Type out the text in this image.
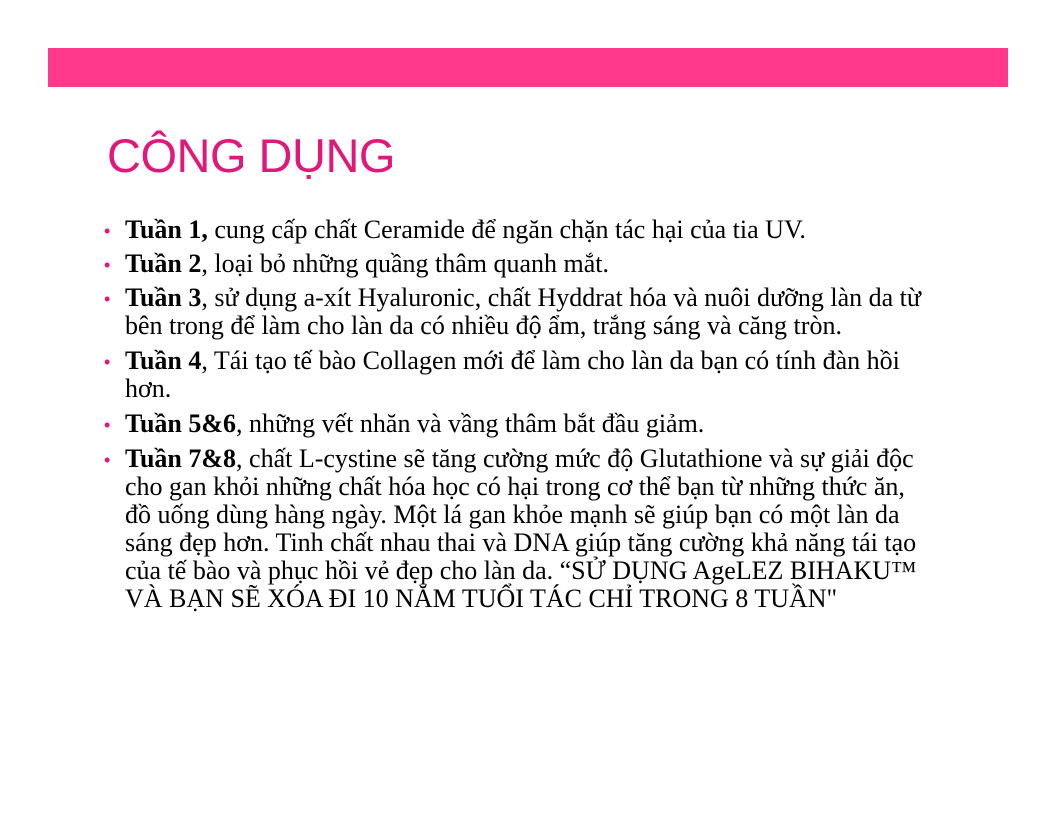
CÔNG DỤNG
• Tuần 1, cung cấp chất Ceramide để ngăn chặn tác hại của tia UV.
• Tuần 2, loại bỏ những quầng thâm quanh mắt.
• Tuần 3, sử dụng a-xít Hyaluronic, chất Hyddrat hóa và nuôi dưỡng làn da từ bên trong để làm cho làn da có nhiều độ ẩm, trắng sáng và căng tròn.
• Tuần 4, Tái tạo tế bào Collagen mới để làm cho làn da bạn có tính đàn hồi hơn.
• Tuần 5&6, những vết nhăn và vầng thâm bắt đầu giảm.
• Tuần 7&8, chất L-cystine sẽ tăng cường mức độ Glutathione và sự giải độc cho gan khỏi những chất hóa học có hại trong cơ thể bạn từ những thức ăn, đồ uống dùng hàng ngày. Một lá gan khỏe mạnh sẽ giúp bạn có một làn da sáng đẹp hơn. Tinh chất nhau thai và DNA giúp tăng cường khả năng tái tạo của tế bào và phục hồi vẻ đẹp cho làn da. “SỬ DỤNG AgeLEZ BIHAKU™ VÀ BẠN SẼ XÓA ĐI 10 NĂM TUỔI TÁC CHỈ TRONG 8 TUẦN"
